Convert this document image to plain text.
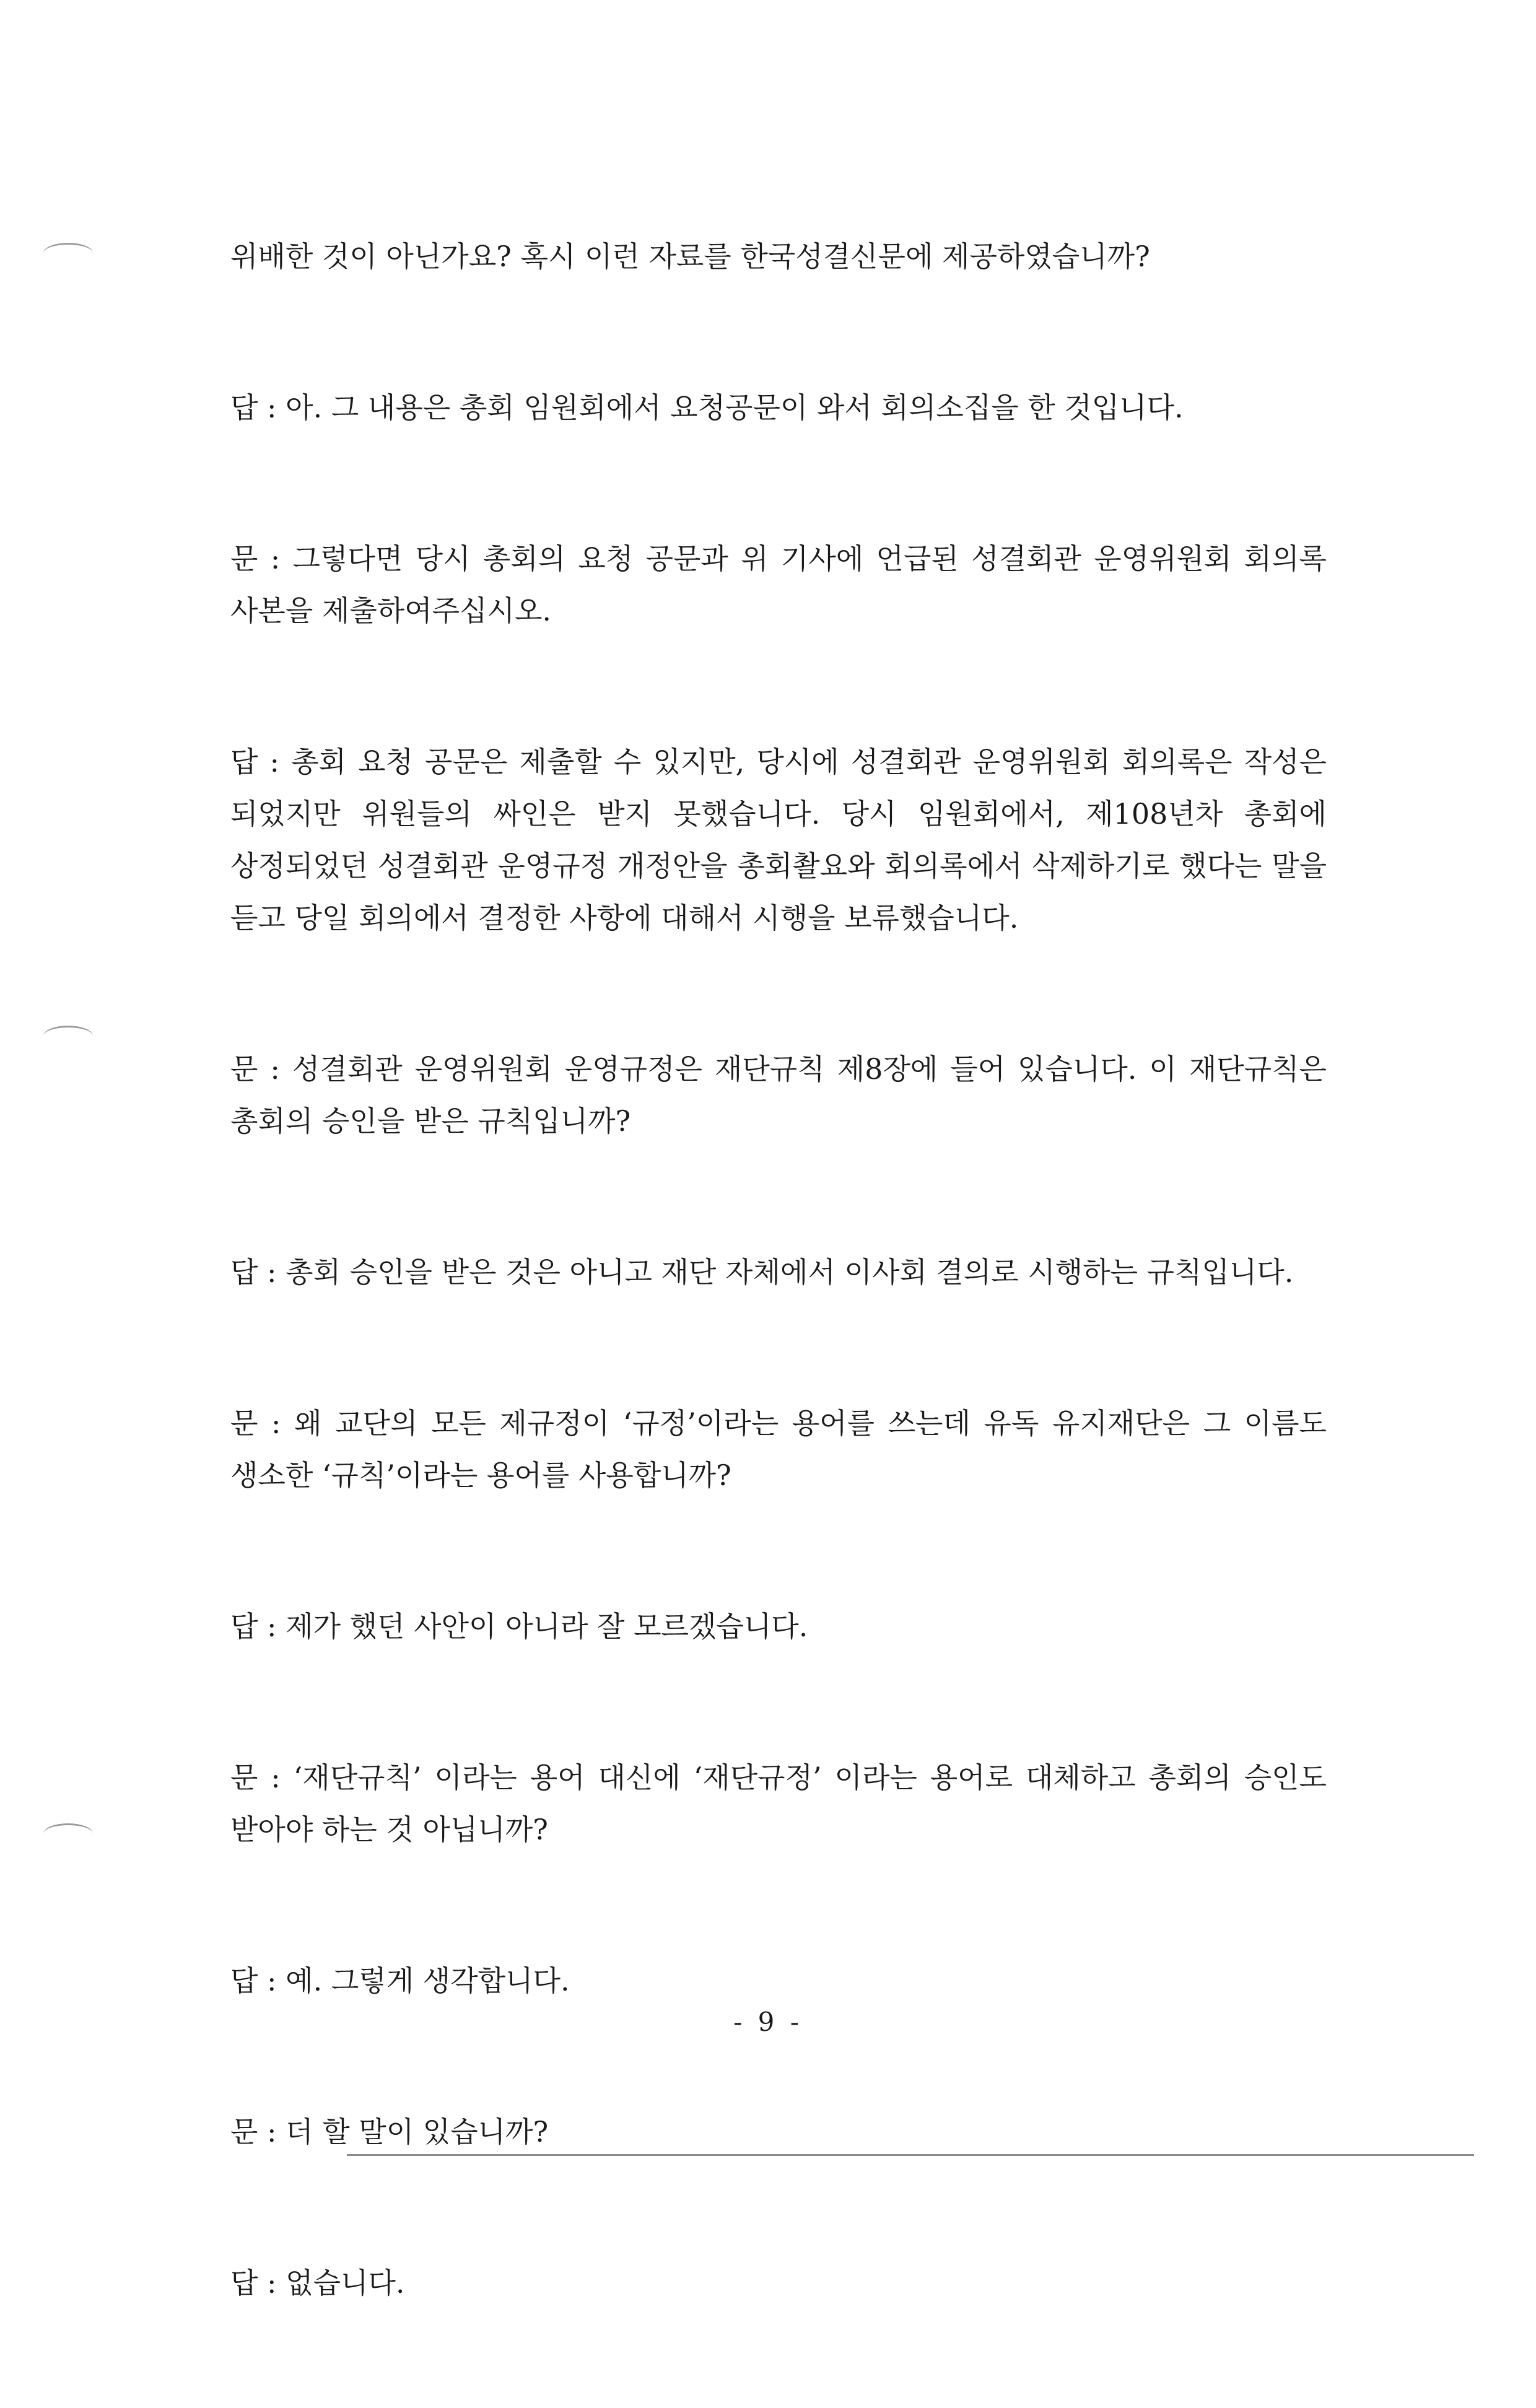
위배한 것이 아닌가요? 혹시 이런 자료를 한국성결신문에 제공하였습니까?

답 : 아. 그 내용은 총회 임원회에서 요청공문이 와서 회의소집을 한 것입니다.

문 : 그렇다면 당시 총회의 요청 공문과 위 기사에 언급된 성결회관 운영위원회 회의록 사본을 제출하여주십시오.

답 : 총회 요청 공문은 제출할 수 있지만, 당시에 성결회관 운영위원회 회의록은 작성은 되었지만 위원들의 싸인은 받지 못했습니다. 당시 임원회에서, 제108년차 총회에 상정되었던 성결회관 운영규정 개정안을 총회촬요와 회의록에서 삭제하기로 했다는 말을 듣고 당일 회의에서 결정한 사항에 대해서 시행을 보류했습니다.

문 : 성결회관 운영위원회 운영규정은 재단규칙 제8장에 들어 있습니다. 이 재단규칙은 총회의 승인을 받은 규칙입니까?

답 : 총회 승인을 받은 것은 아니고 재단 자체에서 이사회 결의로 시행하는 규칙입니다.

문 : 왜 교단의 모든 제규정이 ‘규정’이라는 용어를 쓰는데 유독 유지재단은 그 이름도 생소한 ‘규칙’이라는 용어를 사용합니까?

답 : 제가 했던 사안이 아니라 잘 모르겠습니다.

문 : ‘재단규칙’ 이라는 용어 대신에 ‘재단규정’ 이라는 용어로 대체하고 총회의 승인도 받아야 하는 것 아닙니까?

답 : 예. 그렇게 생각합니다.

문 : 더 할 말이 있습니까?

답 : 없습니다.

- 9 -
